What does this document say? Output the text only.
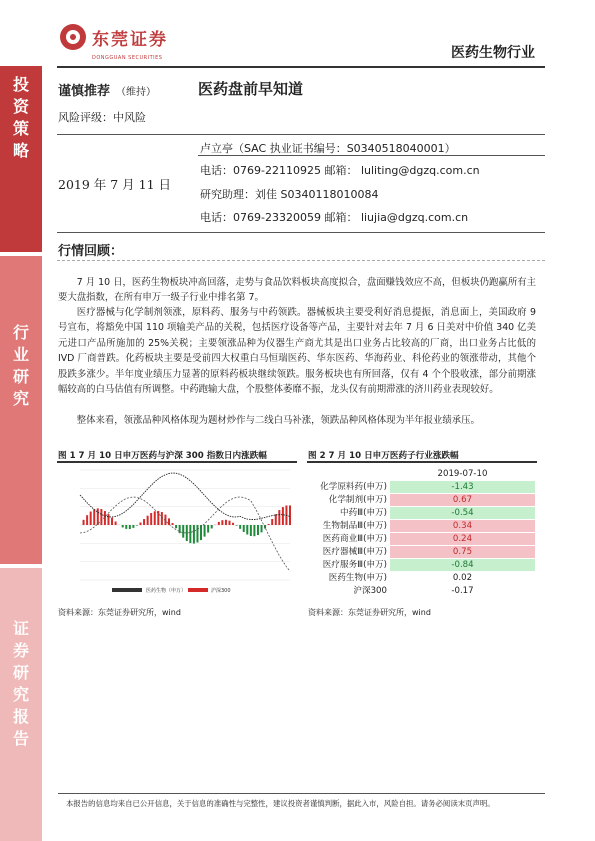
投
资
策
略
行
业
研
究
证
券
研
究
报
告
东莞证券
DONGGUAN SECURITIES	医药生物行业
谨慎推荐 （维持）	医药盘前早知道
风险评级：中风险
2019 年 7 月 11 日
卢立亭（SAC 执业证书编号：S0340518040001）
电话：0769-22110925 邮箱： luliting@dgzq.com.cn
研究助理：刘佳 S0340118010084
电话：0769-23320059 邮箱： liujia@dgzq.com.cn
行情回顾：

7 月 10 日，医药生物板块冲高回落，走势与食品饮料板块高度拟合，盘面赚钱效应不高，但板块仍跑赢所有主要大盘指数，在所有申万一级子行业中排名第 7。

医疗器械与化学制剂领涨，原料药、服务与中药领跌。器械板块主要受利好消息提振，消息面上，美国政府 9 号宣布，将豁免中国 110 项输美产品的关税，包括医疗设备等产品，主要针对去年 7 月 6 日美对中价值 340 亿美元进口产品所施加的 25%关税；主要领涨品种为仪器生产商尤其是出口业务占比较高的厂商，出口业务占比低的 IVD 厂商普跌。化药板块主要是受前四大权重白马恒瑞医药、华东医药、华海药业、科伦药业的领涨带动，其他个股跌多涨少。半年度业绩压力显著的原料药板块继续领跌。服务板块也有所回落，仅有 4 个个股收涨，部分前期涨幅较高的白马估值有所调整。中药跑输大盘，个股整体萎靡不振，龙头仅有前期滞涨的济川药业表现较好。

整体来看，领涨品种风格体现为题材炒作与二线白马补涨，领跌品种风格体现为半年报业绩承压。

图 1 7 月 10 日申万医药与沪深 300 指数日内涨跌幅
医药生物（申万）	沪深300
资料来源：东莞证券研究所，wind
图 2 7 月 10 日申万医药子行业涨跌幅
	2019-07-10
化学原料药(申万)	-1.43
化学制剂(申万)	0.67
中药Ⅲ(申万)	-0.54
生物制品Ⅲ(申万)	0.34
医药商业Ⅲ(申万)	0.24
医疗器械Ⅲ(申万)	0.75
医疗服务Ⅲ(申万)	-0.84
医药生物(申万)	0.02
沪深300	-0.17
资料来源：东莞证券研究所，wind
本报告的信息均来自已公开信息，关于信息的准确性与完整性，建议投资者谨慎判断，据此入市，风险自担。请务必阅读末页声明。
